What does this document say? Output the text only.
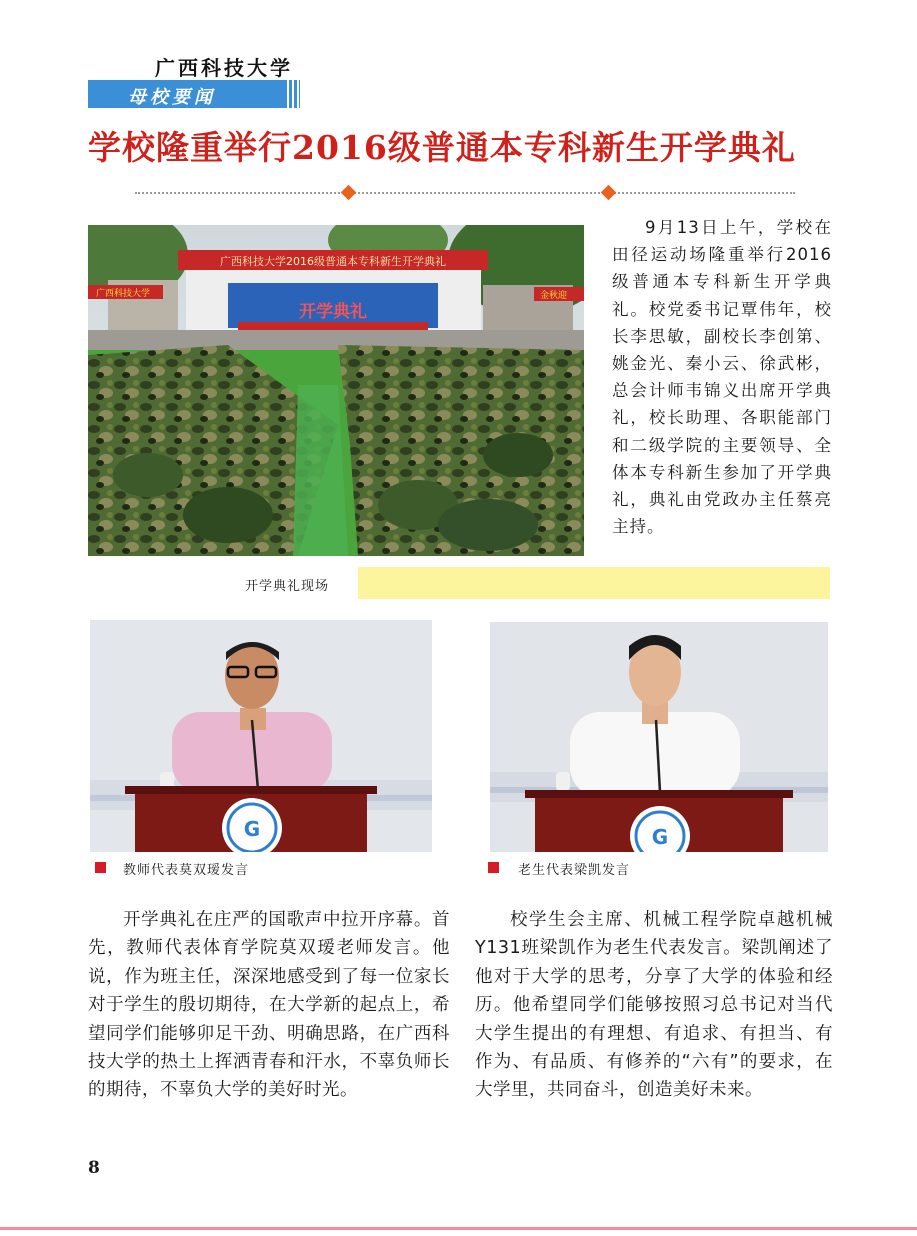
广西科技大学
母校要闻
学校隆重举行2016级普通本专科新生开学典礼
广西科技大学2016级普通本专科新生开学典礼
开学典礼
广西科技大学	金秋迎

9月13日上午，学校在田径运动场隆重举行2016级普通本专科新生开学典礼。校党委书记覃伟年，校长李思敏，副校长李创第、姚金光、秦小云、徐武彬，总会计师韦锦义出席开学典礼，校长助理、各职能部门和二级学院的主要领导、全体本专科新生参加了开学典礼，典礼由党政办主任蔡亮主持。

开学典礼现场
G	G
教师代表莫双瑷发言	老生代表梁凯发言

开学典礼在庄严的国歌声中拉开序幕。首先，教师代表体育学院莫双瑷老师发言。他说，作为班主任，深深地感受到了每一位家长对于学生的殷切期待，在大学新的起点上，希望同学们能够卯足干劲、明确思路，在广西科技大学的热土上挥洒青春和汗水，不辜负师长的期待，不辜负大学的美好时光。

校学生会主席、机械工程学院卓越机械Y131班梁凯作为老生代表发言。梁凯阐述了他对于大学的思考，分享了大学的体验和经历。他希望同学们能够按照习总书记对当代大学生提出的有理想、有追求、有担当、有作为、有品质、有修养的“六有”的要求，在大学里，共同奋斗，创造美好未来。

8
